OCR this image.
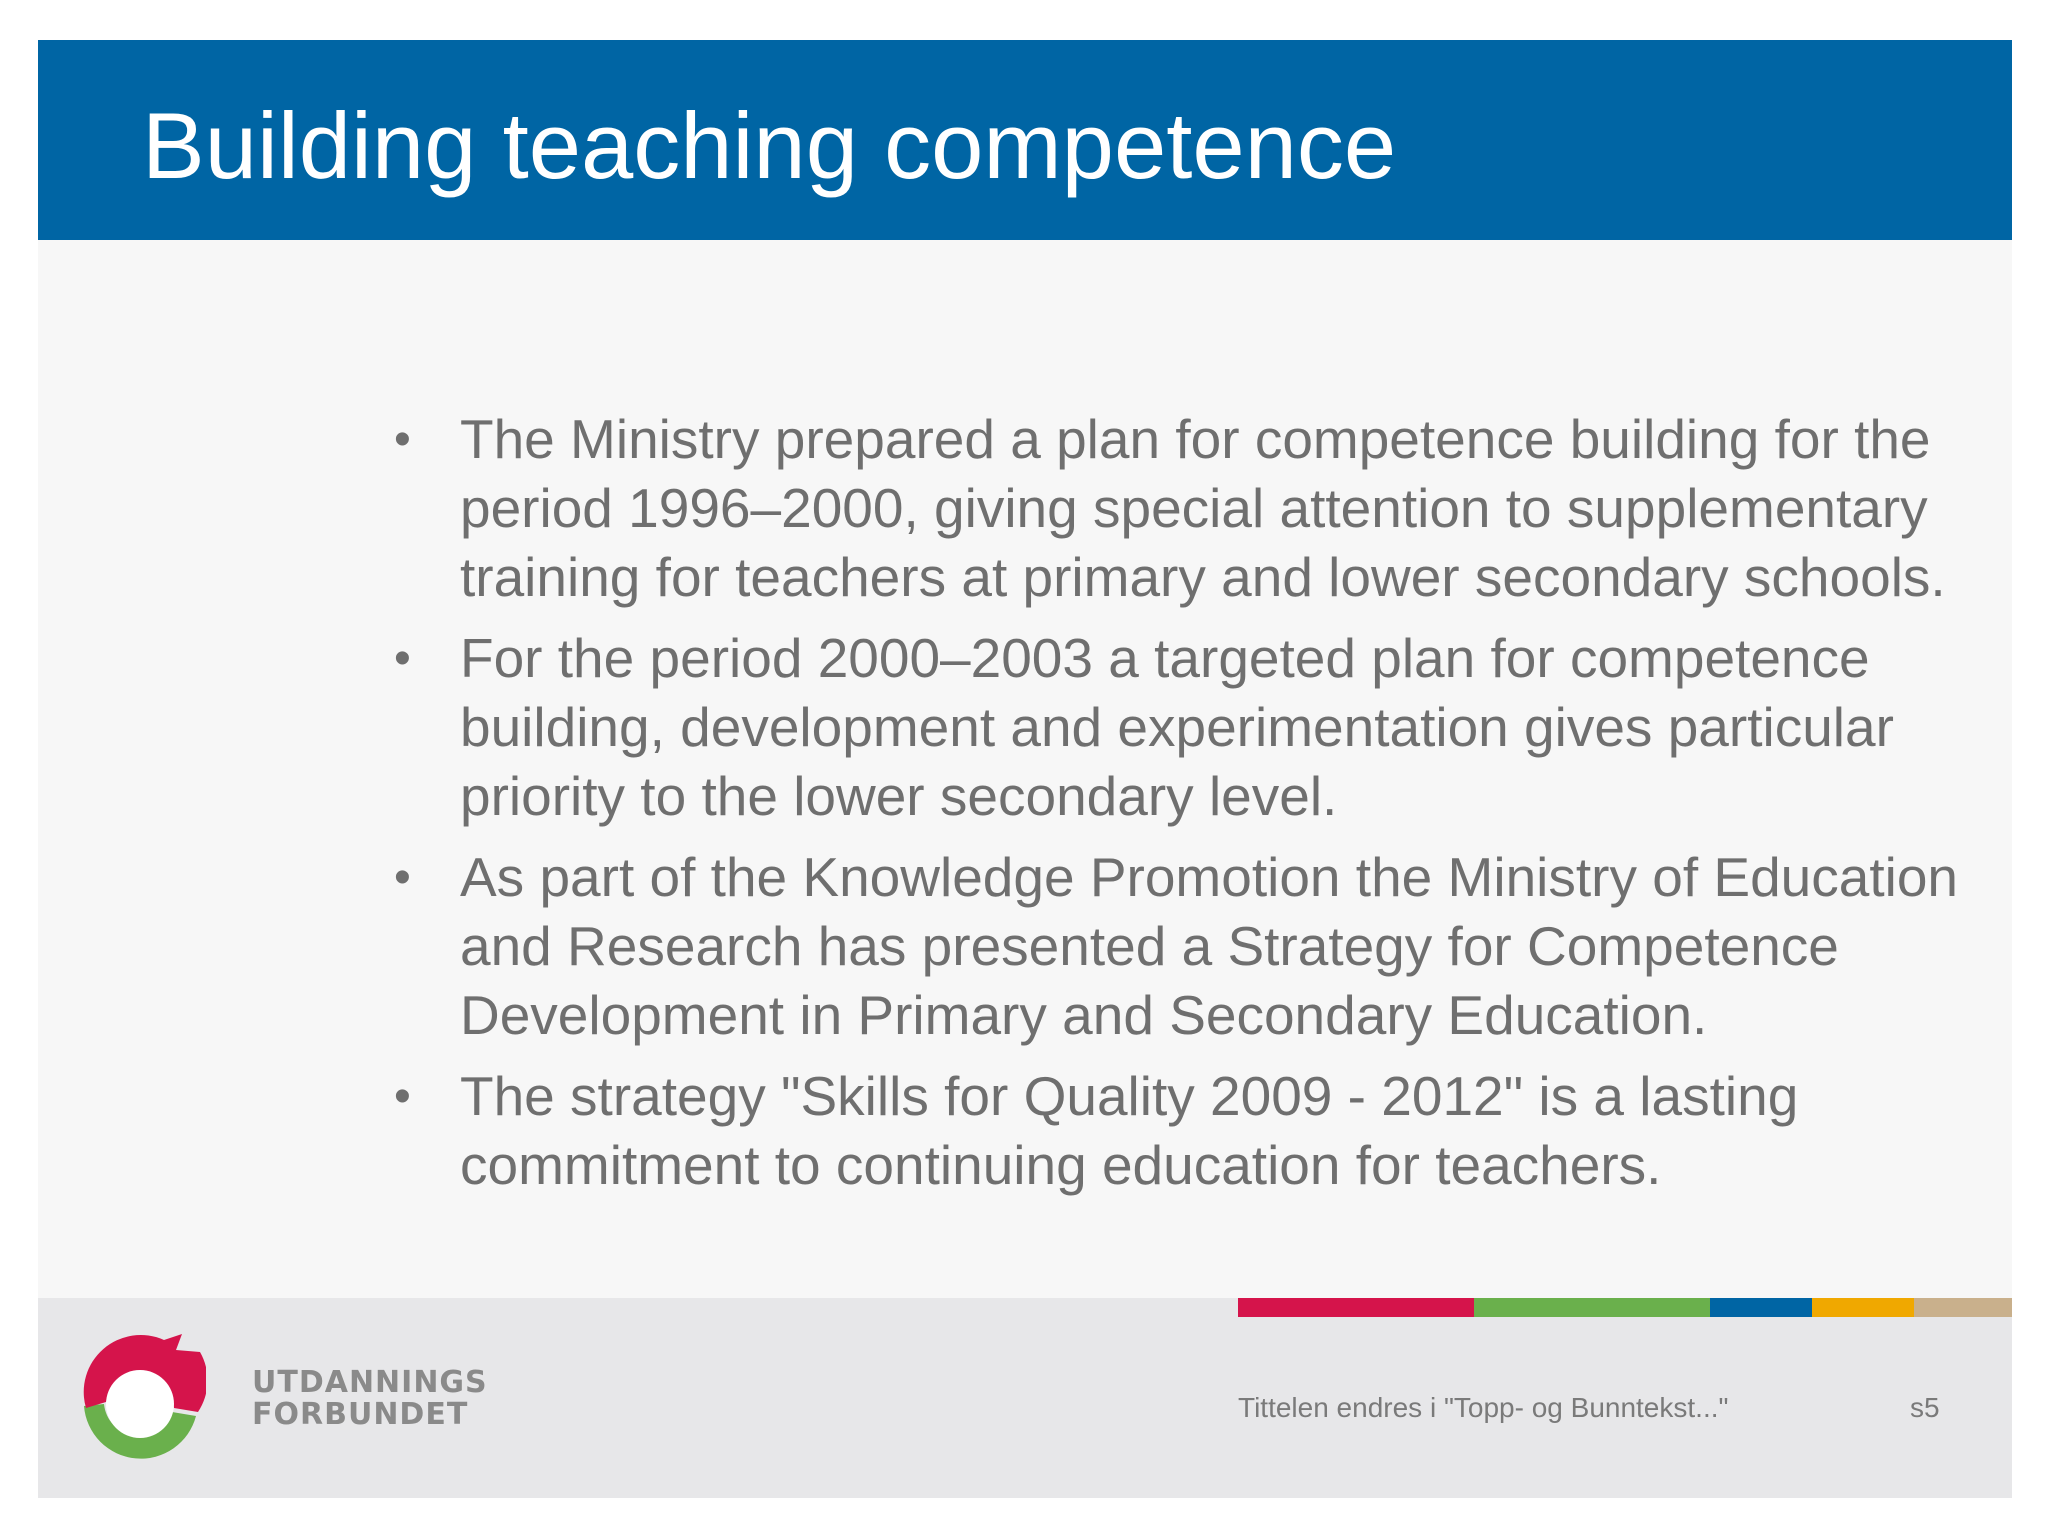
Building teaching competence
• The Ministry prepared a plan for competence building for the period 1996–2000, giving special attention to supplementary training for teachers at primary and lower secondary schools.
• For the period 2000–2003 a targeted plan for competence building, development and experimentation gives particular priority to the lower secondary level.
• As part of the Knowledge Promotion the Ministry of Education and Research has presented a Strategy for Competence Development in Primary and Secondary Education.
• The strategy "Skills for Quality 2009 - 2012" is a lasting commitment to continuing education for teachers.
UTDANNINGS
FORBUNDET	Tittelen endres i "Topp- og Bunntekst..."	s5
